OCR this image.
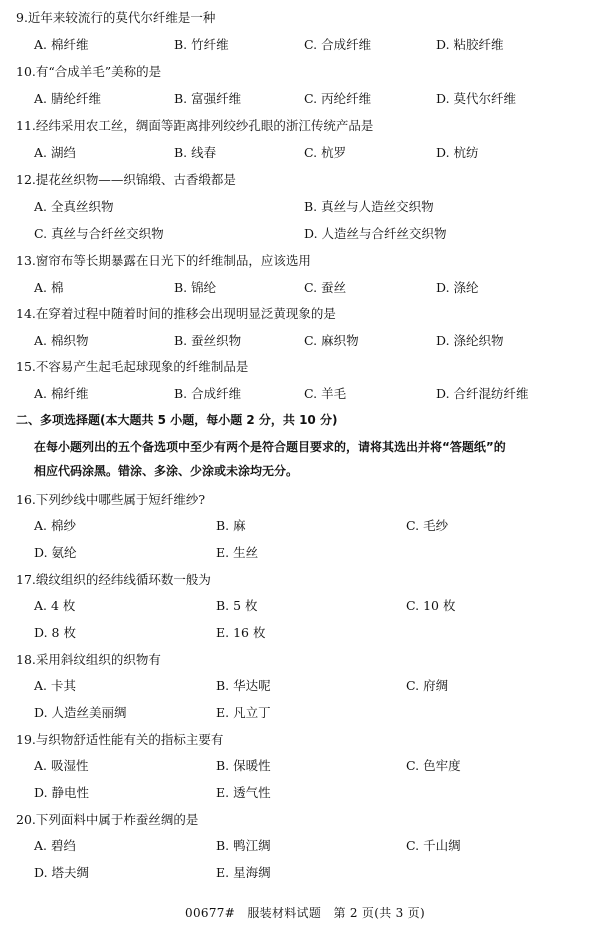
9.近年来较流行的莫代尔纤维是一种
A. 棉纤维	B. 竹纤维	C. 合成纤维	D. 粘胶纤维
10.有“合成羊毛”美称的是
A. 腈纶纤维	B. 富强纤维	C. 丙纶纤维	D. 莫代尔纤维
11.经纬采用农工丝，绸面等距离排列绞纱孔眼的浙江传统产品是
A. 湖绉	B. 线春	C. 杭罗	D. 杭纺
12.提花丝织物——织锦缎、古香缎都是
A. 全真丝织物	B. 真丝与人造丝交织物
C. 真丝与合纤丝交织物	D. 人造丝与合纤丝交织物
13.窗帘布等长期暴露在日光下的纤维制品，应该选用
A. 棉	B. 锦纶	C. 蚕丝	D. 涤纶
14.在穿着过程中随着时间的推移会出现明显泛黄现象的是
A. 棉织物	B. 蚕丝织物	C. 麻织物	D. 涤纶织物
15.不容易产生起毛起球现象的纤维制品是
A. 棉纤维	B. 合成纤维	C. 羊毛	D. 合纤混纺纤维
二、多项选择题(本大题共 5 小题，每小题 2 分，共 10 分)
在每小题列出的五个备选项中至少有两个是符合题目要求的，请将其选出并将“答题纸”的
相应代码涂黑。错涂、多涂、少涂或未涂均无分。
16.下列纱线中哪些属于短纤维纱?
A. 棉纱	B. 麻	C. 毛纱
D. 氨纶	E. 生丝
17.缎纹组织的经纬线循环数一般为
A. 4 枚	B. 5 枚	C. 10 枚
D. 8 枚	E. 16 枚
18.采用斜纹组织的织物有
A. 卡其	B. 华达呢	C. 府绸
D. 人造丝美丽绸	E. 凡立丁
19.与织物舒适性能有关的指标主要有
A. 吸湿性	B. 保暖性	C. 色牢度
D. 静电性	E. 透气性
20.下列面料中属于柞蚕丝绸的是
A. 碧绉	B. 鸭江绸	C. 千山绸
D. 塔夫绸	E. 星海绸
00677#　服装材料试题　第 2 页(共 3 页)
